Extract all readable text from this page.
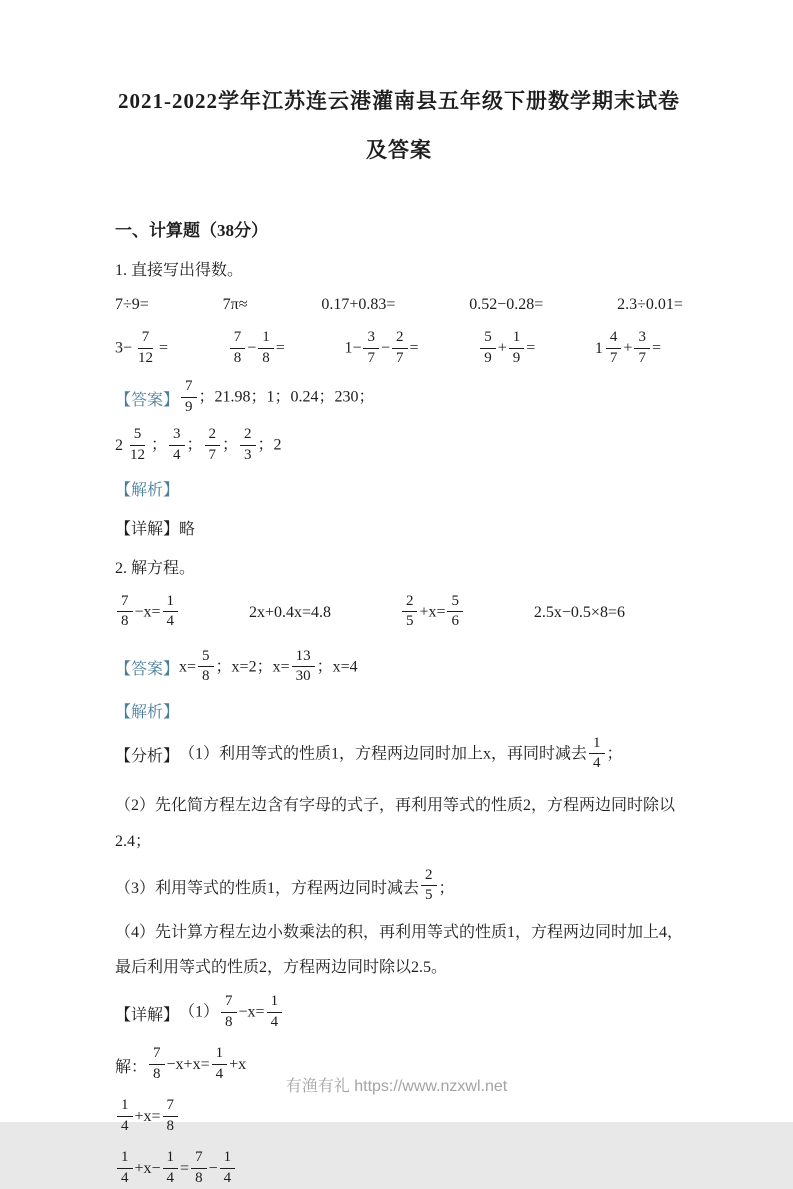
2021-2022学年江苏连云港灌南县五年级下册数学期末试卷
及答案
一、计算题（38分）

1. 直接写出得数。

7÷9=	7π≈	0.17+0.83=	0.52−0.28=	2.3÷0.01=
$3- \frac{7}{12}$ =	$\frac{7}{8} - \frac{1}{8}$ =	$1- \frac{3}{7} - \frac{2}{7}$ =	$\frac{5}{9} + \frac{1}{9}$ =	$1 \frac{4}{7} + \frac{3}{7}$ =
【答案】 $\frac{7}{9}$ ；21.98；1；0.24；230；
$2 \frac{5}{12}$ ； $\frac{3}{4}$ ； $\frac{2}{7}$ ； $\frac{2}{3}$ ；2

【解析】

【详解】略

2. 解方程。

$\frac{7}{8} -x= \frac{1}{4}$	2x+0.4x=4.8	$\frac{2}{5} +x= \frac{5}{6}$	2.5x−0.5×8=6
【答案】 $x= \frac{5}{8}$ ；x=2；$x= \frac{13}{30}$ ；x=4

【解析】

【分析】 （1）利用等式的性质1，方程两边同时加上x，再同时减去 $\frac{1}{4}$ ；

（2）先化简方程左边含有字母的式子，再利用等式的性质2，方程两边同时除以2.4；

（3）利用等式的性质1，方程两边同时减去 $\frac{2}{5}$ ；

（4）先计算方程左边小数乘法的积，再利用等式的性质1，方程两边同时加上4，最后利用等式的性质2，方程两边同时除以2.5。

【详解】 $(1) \frac{7}{8} -x= \frac{1}{4}$
解： $\frac{7}{8} -x+x= \frac{1}{4} +x$
$\frac{1}{4} +x= \frac{7}{8}$
$\frac{1}{4} +x- \frac{1}{4} = \frac{7}{8} - \frac{1}{4}$
有渔有礼 https://www.nzxwl.net
